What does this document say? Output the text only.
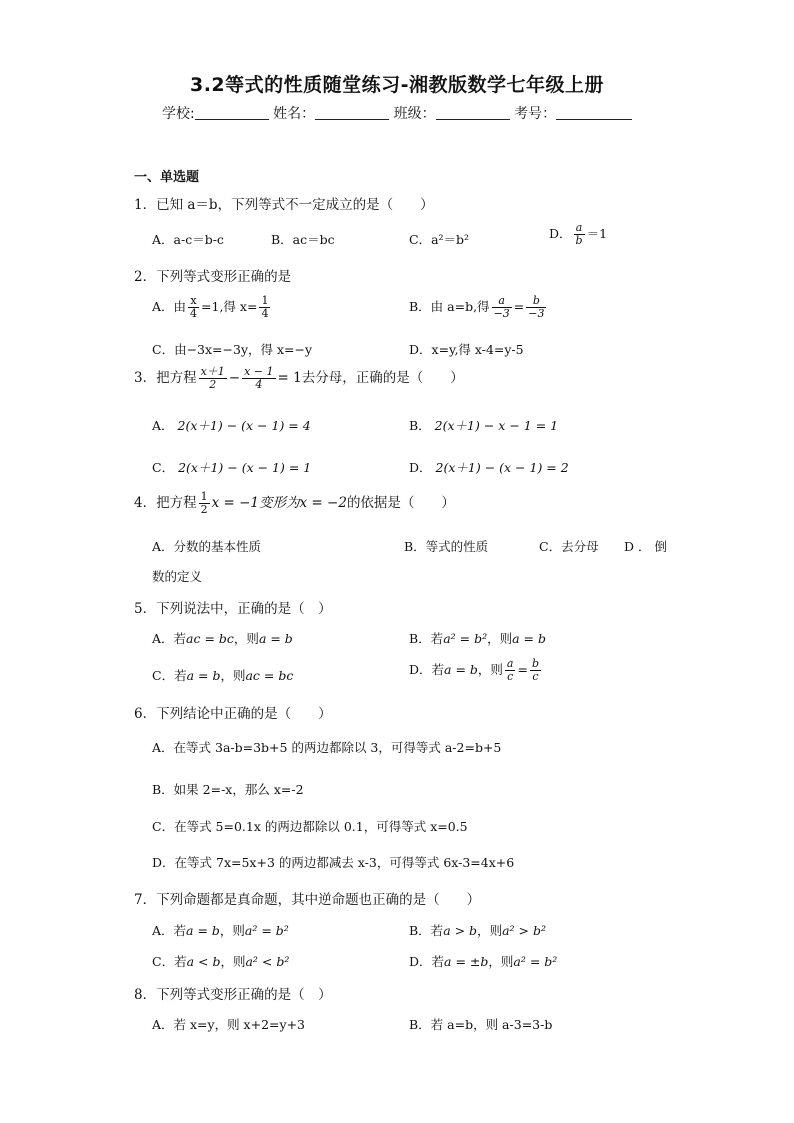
3.2等式的性质随堂练习-湘教版数学七年级上册
学校:	姓名：	班级：	考号：
一、单选题
1．已知 a＝b，下列等式不一定成立的是（　　）
A．a-c＝b-c	B．ac＝bc	C．a²＝b²	D． $\frac{a}{b} =1$
2．下列等式变形正确的是
A．由 $\frac{x}{4} =1$,得 $x= \frac{1}{4}$	B．由 a=b,得 $\frac{a}{-3} = \frac{b}{-3}$
C．由−3x=−3y，得 x=−y	D．x=y,得 x-4=y-5
3．把方程 $\frac{x+1}{2} - \frac{x - 1}{4} = 1$去分母，正确的是（　　）
A． 2(x＋1) − (x − 1) = 4	B． 2(x＋1) − x − 1 = 1
C． 2(x＋1) − (x − 1) = 1	D． 2(x＋1) − (x − 1) = 2
4．把方程 $\frac{1}{2}$ x = −1变形为x = −2的依据是（　　）
A．分数的基本性质	B．等式的性质	C．去分母 D ． 倒
数的定义
5．下列说法中，正确的是（　）
A．若ac = bc，则a = b	B．若a² = b²，则a = b
C．若a = b，则ac = bc	D．若a = b，则 $\frac{a}{c} = \frac{b}{c}$
6．下列结论中正确的是（　　）
A．在等式 3a-b=3b+5 的两边都除以 3，可得等式 a-2=b+5
B．如果 2=-x，那么 x=-2
C．在等式 5=0.1x 的两边都除以 0.1，可得等式 x=0.5
D．在等式 7x=5x+3 的两边都减去 x-3，可得等式 6x-3=4x+6
7．下列命题都是真命题，其中逆命题也正确的是（　　）
A．若a = b，则a² = b²	B．若a > b，则a² > b²
C．若a < b，则a² < b²	D．若a = ±b，则a² = b²
8．下列等式变形正确的是（　）
A．若 x=y，则 x+2=y+3	B．若 a=b，则 a-3=3-b
